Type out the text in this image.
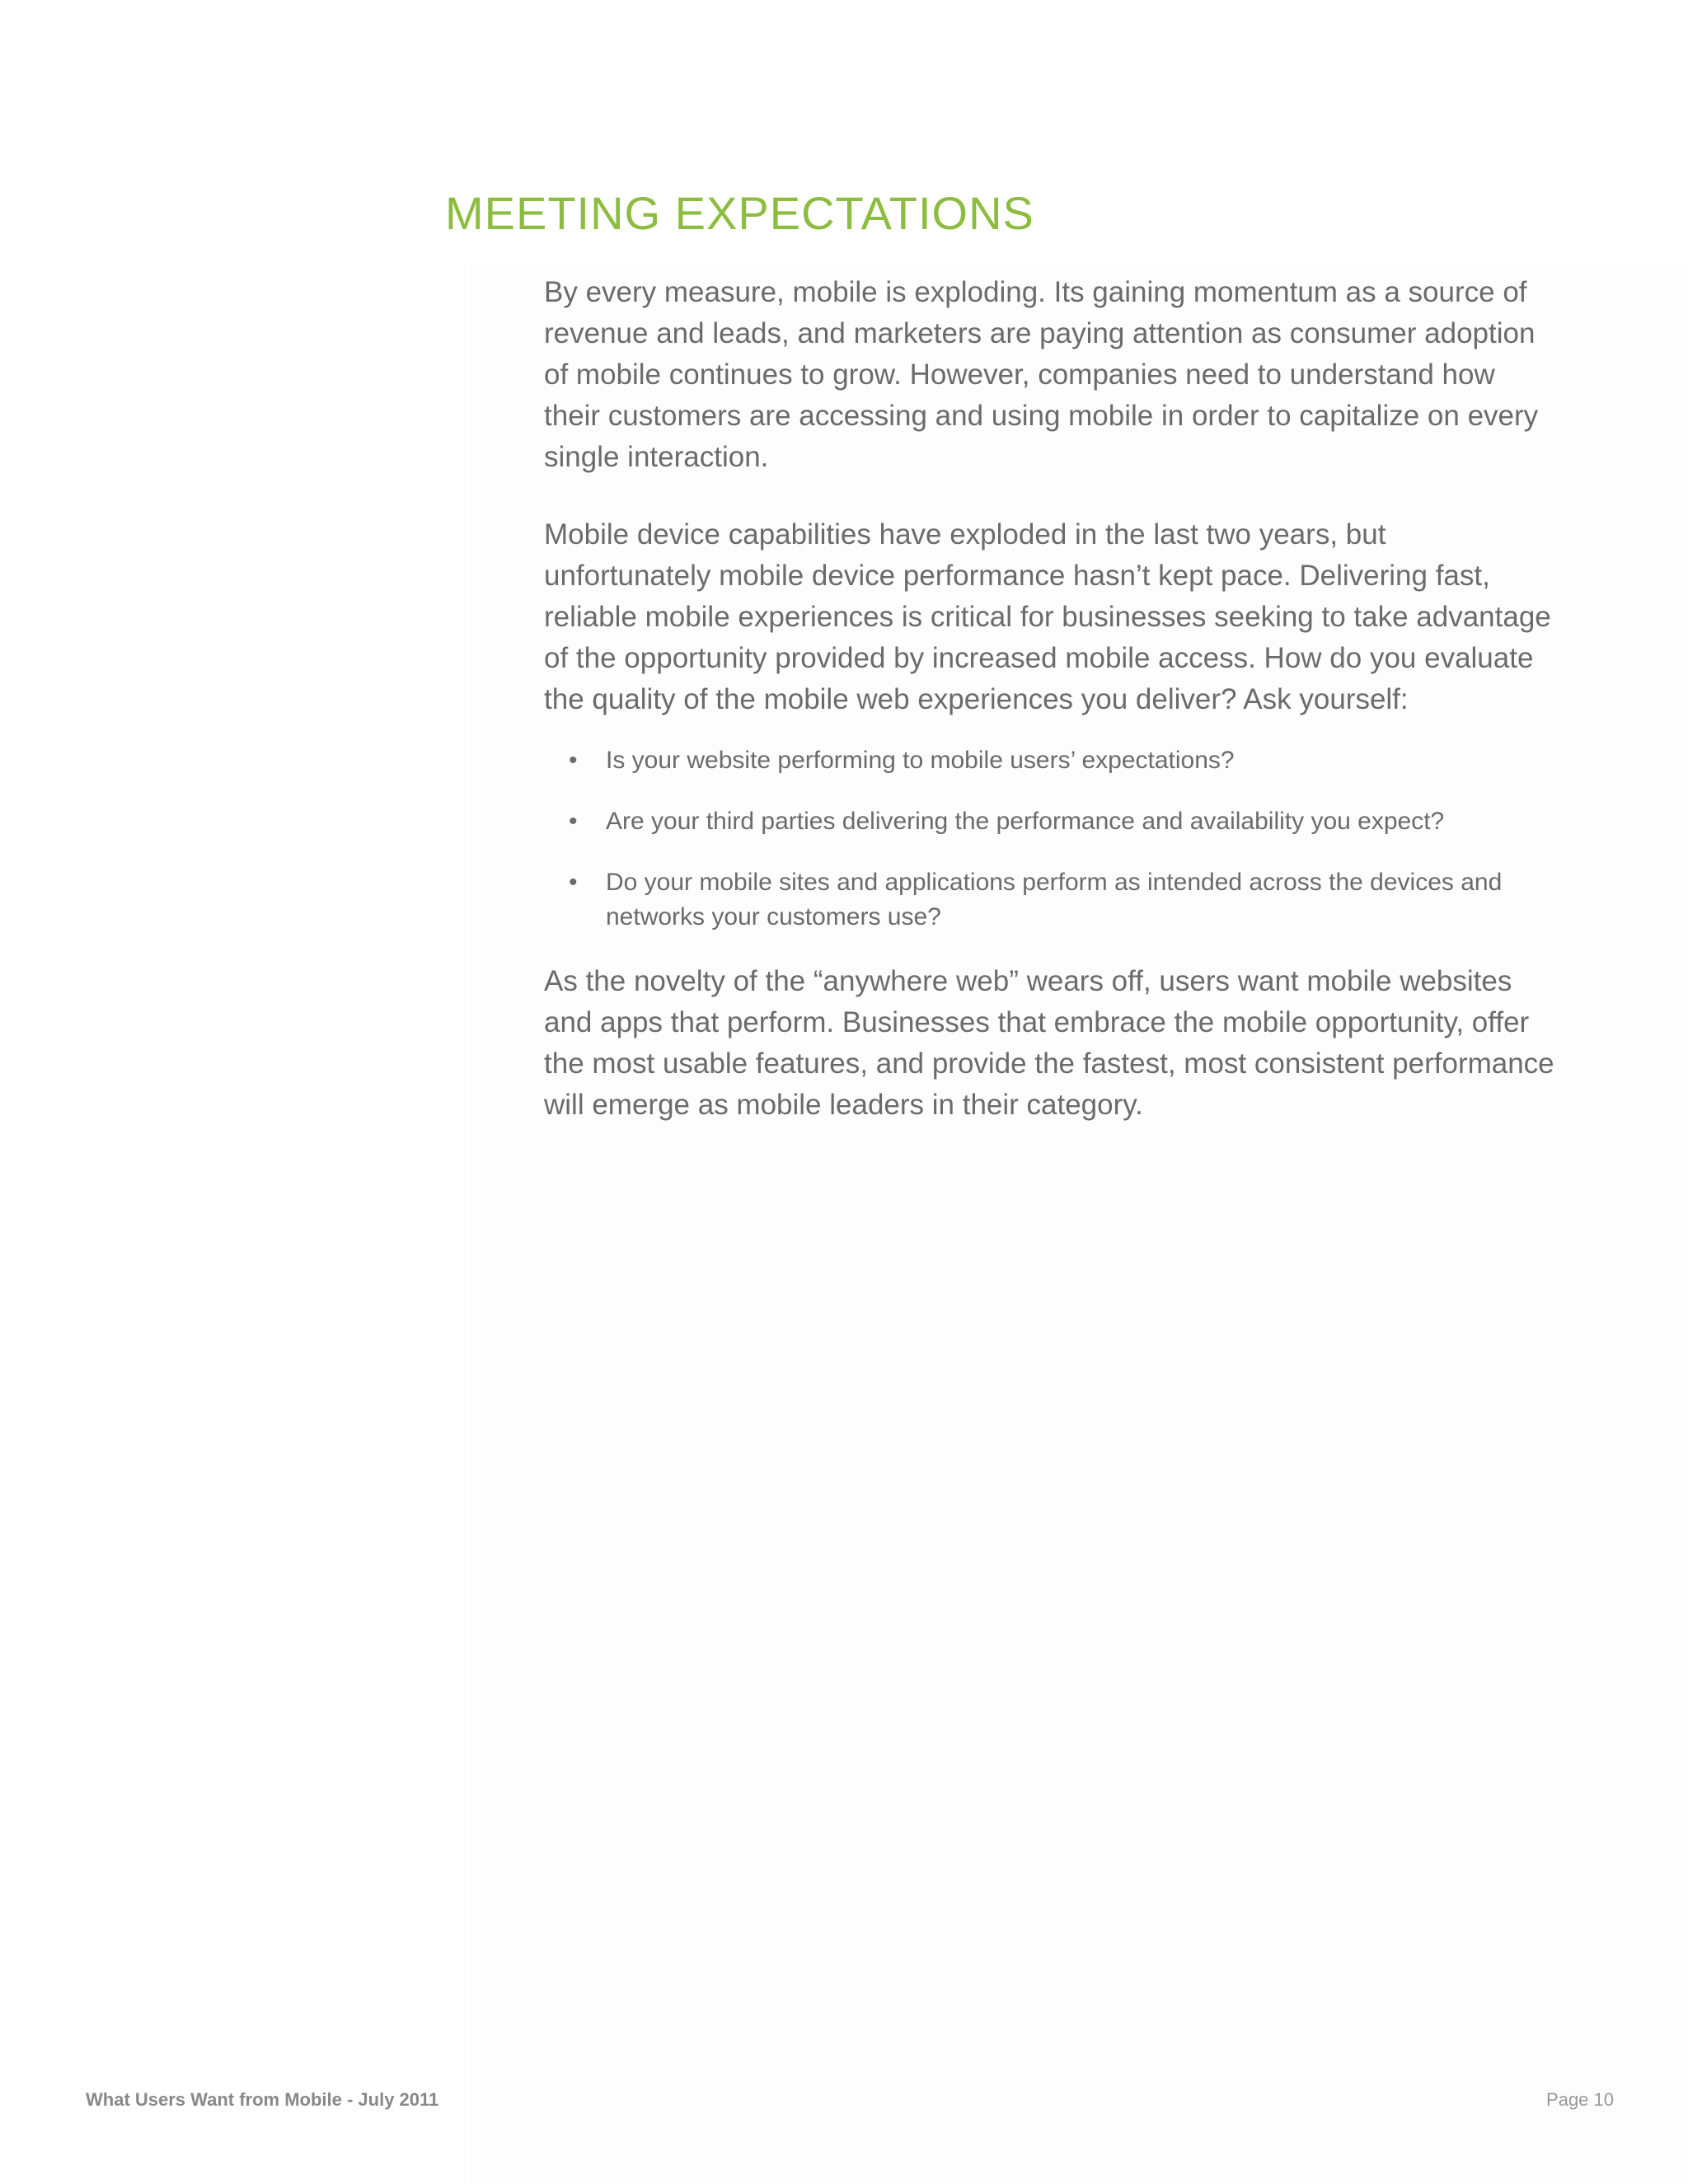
MEETING EXPECTATIONS

By every measure, mobile is exploding. Its gaining momentum as a source of revenue and leads, and marketers are paying attention as consumer adoption of mobile continues to grow. However, companies need to understand how their customers are accessing and using mobile in order to capitalize on every single interaction.

Mobile device capabilities have exploded in the last two years, but unfortunately mobile device performance hasn’t kept pace. Delivering fast, reliable mobile experiences is critical for businesses seeking to take advantage of the opportunity provided by increased mobile access. How do you evaluate the quality of the mobile web experiences you deliver? Ask yourself:

• Is your website performing to mobile users’ expectations?
• Are your third parties delivering the performance and availability you expect?
• Do your mobile sites and applications perform as intended across the devices and networks your customers use?

As the novelty of the “anywhere web” wears off, users want mobile websites and apps that perform. Businesses that embrace the mobile opportunity, offer the most usable features, and provide the fastest, most consistent performance will emerge as mobile leaders in their category.

What Users Want from Mobile - July 2011	Page 10
